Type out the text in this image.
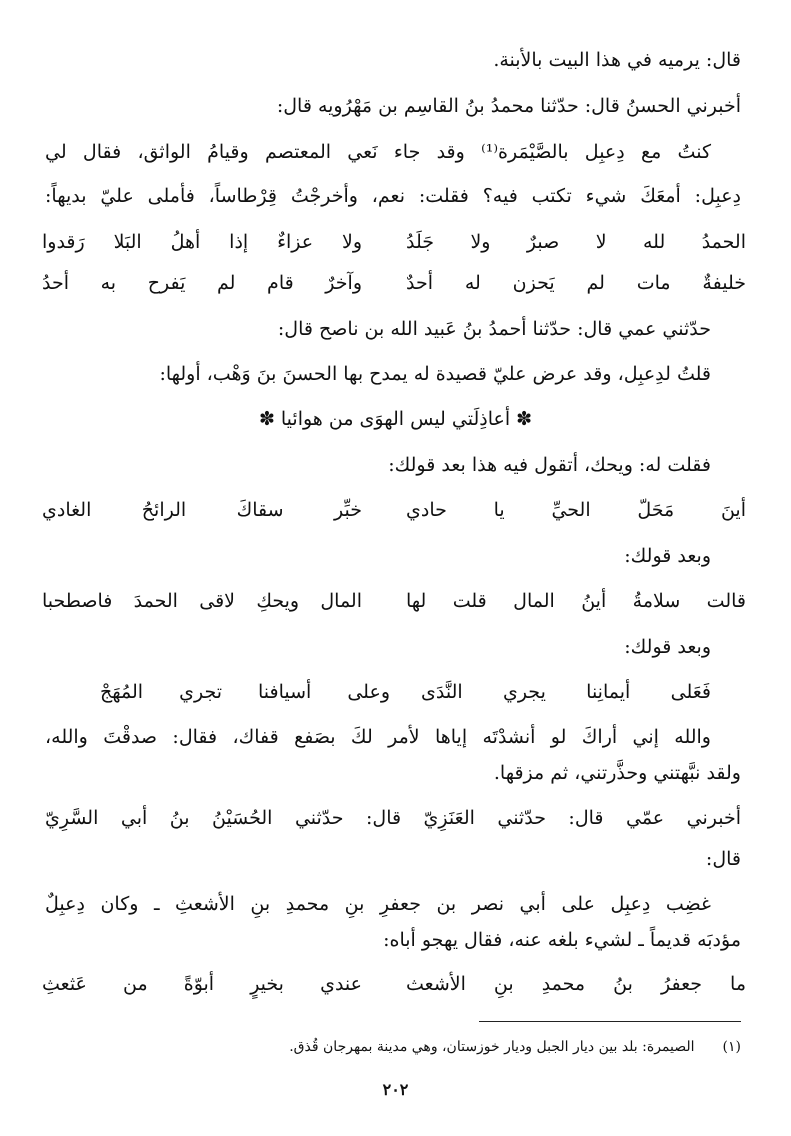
قال: يرميه في هذا البيت بالأبنة.
أخبرني الحسنُ قال: حدّثنا محمدُ بنُ القاسِم بن مَهْرُويه قال:
كنتُ مع دِعبِل بالصَّيْمَرة⁽¹⁾ وقد جاء نَعي المعتصم وقيامُ الواثق، فقال لي
دِعبِل: أمعَكَ شيء تكتب فيه؟ فقلت: نعم، وأخرجْتُ قِرْطاساً، فأملى عليّ بديهاً:
الحمدُ لله لا صبرٌ ولا جَلَدُ
ولا عزاءٌ إذا أهلُ البَلا رَقدوا
خليفةٌ مات لم يَحزن له أحدٌ
وآخرٌ قام لم يَفرح به أحدُ
حدّثني عمي قال: حدّثنا أحمدُ بنُ عَبيد الله بن ناصح قال:
قلتُ لدِعبِل، وقد عرض عليّ قصيدة له يمدح بها الحسنَ بنَ وَهْب، أولها:
✽ أعاذِلَتي ليس الهوَى من هوائيا ✽
فقلت له: ويحك، أتقول فيه هذا بعد قولك:
أينَ مَحَلّ الحيِّ يا حادي
خبِّر سقاكَ الرائحُ الغادي
وبعد قولك:
قالت سلامةُ أينُ المال قلت لها
المال ويحكِ لاقى الحمدَ فاصطحبا
وبعد قولك:
فَعَلى أيمانِنا يجري النَّدَى
وعلى أسيافنا تجري المُهَجْ
والله إني أراكَ لو أنشدْتَه إياها لأمر لكَ بصَفع قفاك، فقال: صدقْتَ والله،
ولقد نبَّهتني وحذَّرتني، ثم مزقها.
أخبرني عمّي قال: حدّثني العَنَزِيّ قال: حدّثني الحُسَيْنُ بنُ أبي السَّرِيّ
قال:
غضِب دِعبِل على أبي نصر بن جعفرِ بنِ محمدِ بنِ الأشعثِ ـ وكان دِعبِلٌ
مؤدبَه قديماً ـ لشيء بلغه عنه، فقال يهجو أباه:
ما جعفرُ بنُ محمدِ بنِ الأشعث
عندي بخيرٍ أبوّةً من عَثعثِ
(١) الصيمرة: بلد بين ديار الجبل وديار خوزستان، وهي مدينة بمهرجان قُذق.
٢٠٢
